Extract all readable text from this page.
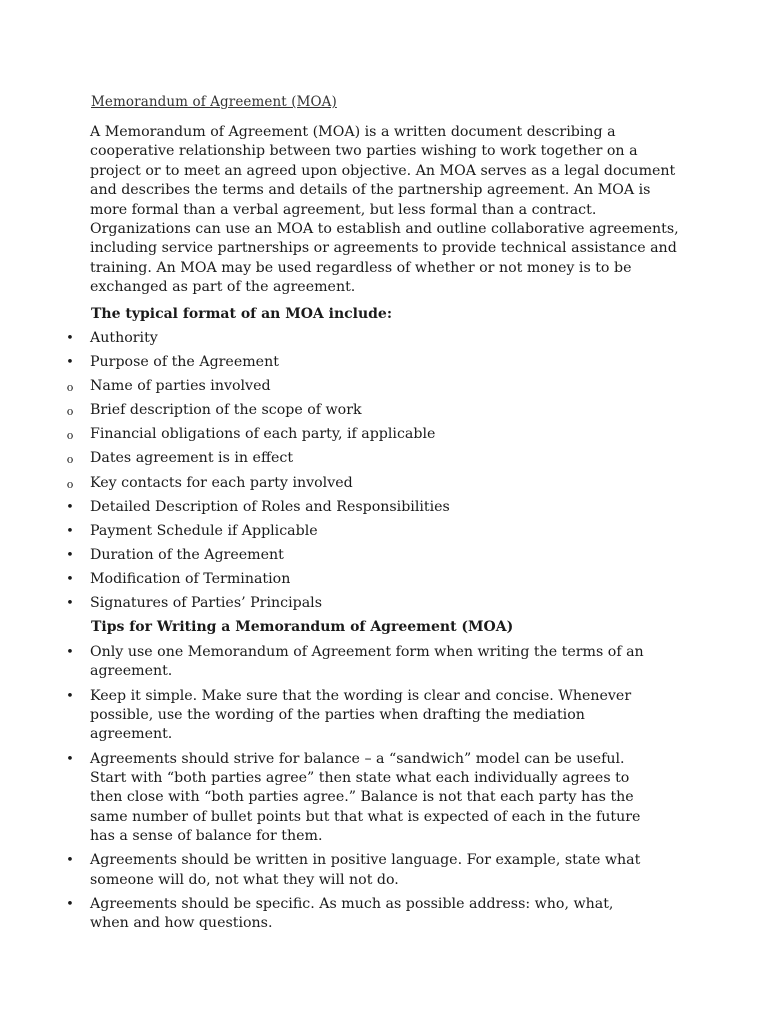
Memorandum of Agreement (MOA)

A Memorandum of Agreement (MOA) is a written document describing a cooperative relationship between two parties wishing to work together on a project or to meet an agreed upon objective. An MOA serves as a legal document and describes the terms and details of the partnership agreement. An MOA is more formal than a verbal agreement, but less formal than a contract. Organizations can use an MOA to establish and outline collaborative agreements, including service partnerships or agreements to provide technical assistance and training. An MOA may be used regardless of whether or not money is to be exchanged as part of the agreement.

The typical format of an MOA include:
• Authority
• Purpose of the Agreement
o Name of parties involved
o Brief description of the scope of work
o Financial obligations of each party, if applicable
o Dates agreement is in effect
o Key contacts for each party involved
• Detailed Description of Roles and Responsibilities
• Payment Schedule if Applicable
• Duration of the Agreement
• Modification of Termination
• Signatures of Parties’ Principals
Tips for Writing a Memorandum of Agreement (MOA)
• Only use one Memorandum of Agreement form when writing the terms of an agreement.
• Keep it simple. Make sure that the wording is clear and concise. Whenever possible, use the wording of the parties when drafting the mediation agreement.
• Agreements should strive for balance – a “sandwich” model can be useful. Start with “both parties agree” then state what each individually agrees to then close with “both parties agree.” Balance is not that each party has the same number of bullet points but that what is expected of each in the future has a sense of balance for them.
• Agreements should be written in positive language. For example, state what someone will do, not what they will not do.
• Agreements should be specific. As much as possible address: who, what, when and how questions.
